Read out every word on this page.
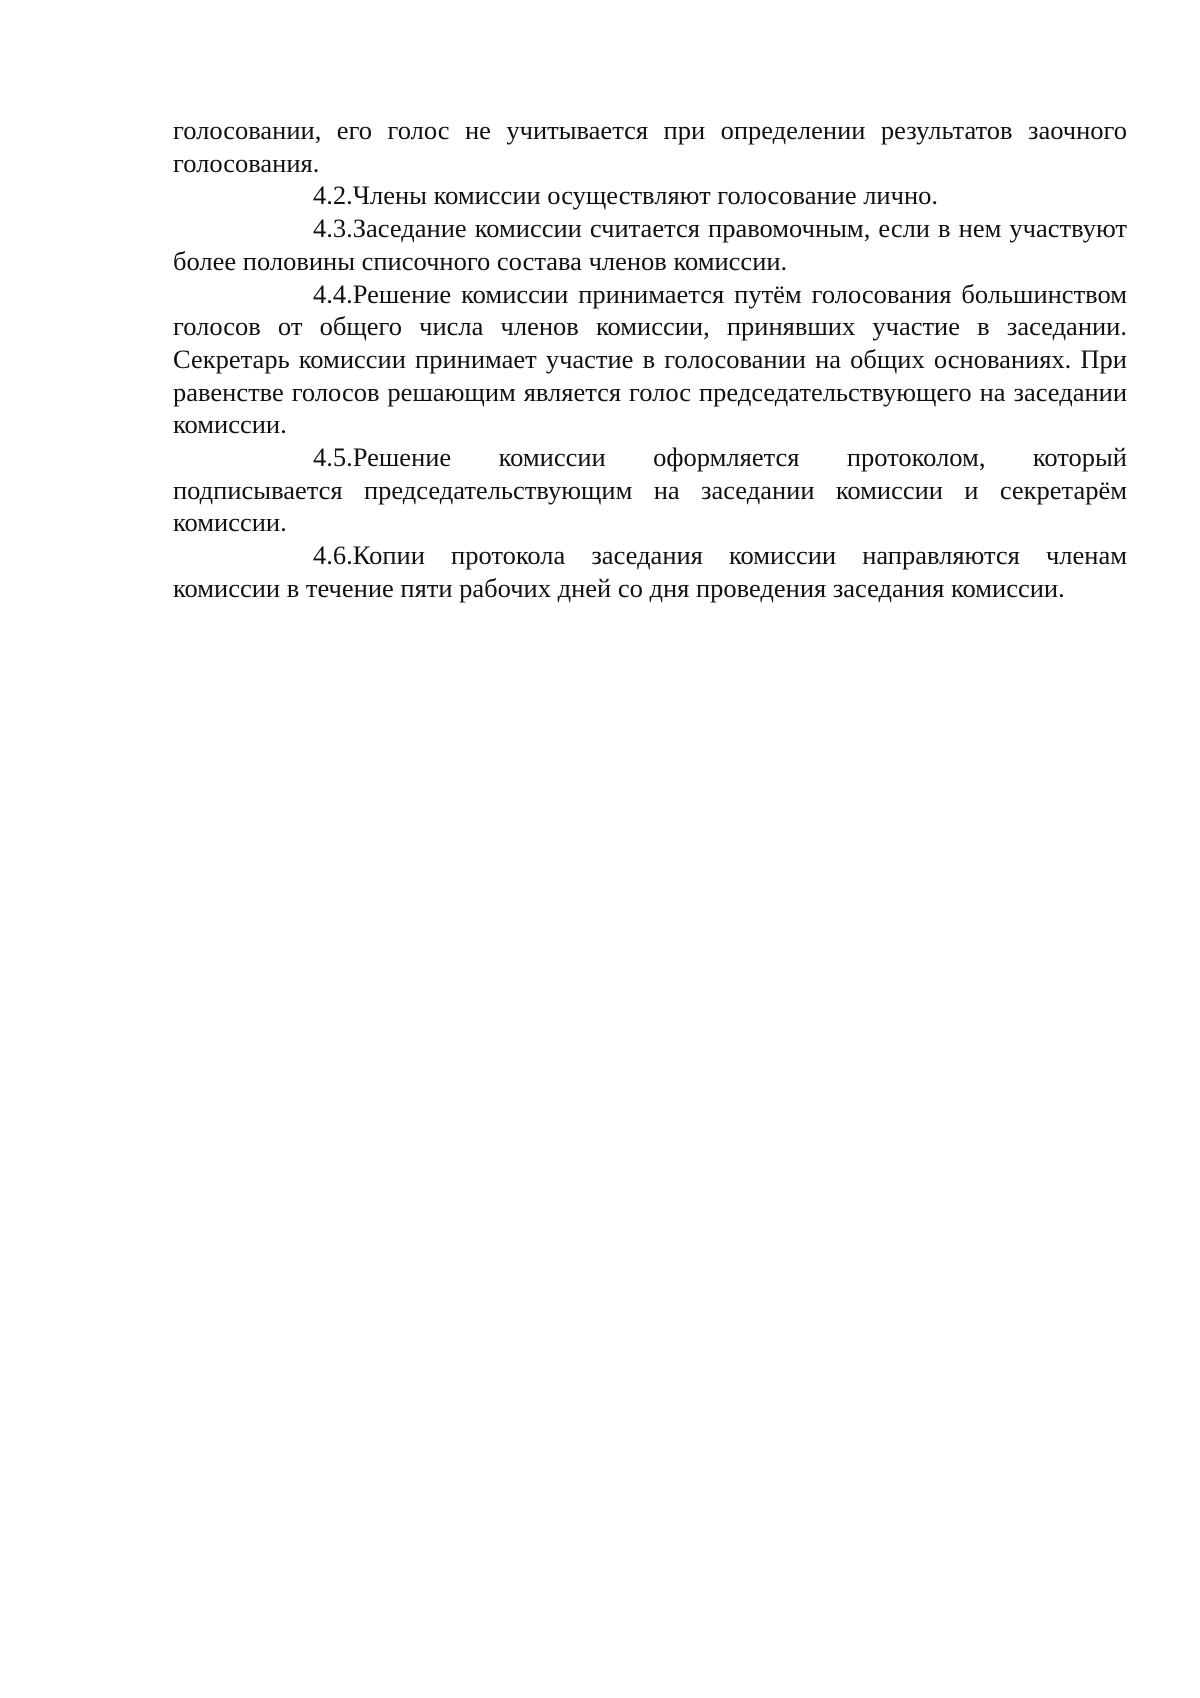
голосовании, его голос не учитывается при определении результатов заочного голосования.

4.2.Члены комиссии осуществляют голосование лично.

4.3.Заседание комиссии считается правомочным, если в нем участвуют более половины списочного состава членов комиссии.

4.4.Решение комиссии принимается путём голосования большинством голосов от общего числа членов комиссии, принявших участие в заседании. Секретарь комиссии принимает участие в голосовании на общих основаниях. При равенстве голосов решающим является голос председательствующего на заседании комиссии.

4.5.Решение комиссии оформляется протоколом, который подписывается председательствующим на заседании комиссии и секретарём комиссии.

4.6.Копии протокола заседания комиссии направляются членам комиссии в течение пяти рабочих дней со дня проведения заседания комиссии.
